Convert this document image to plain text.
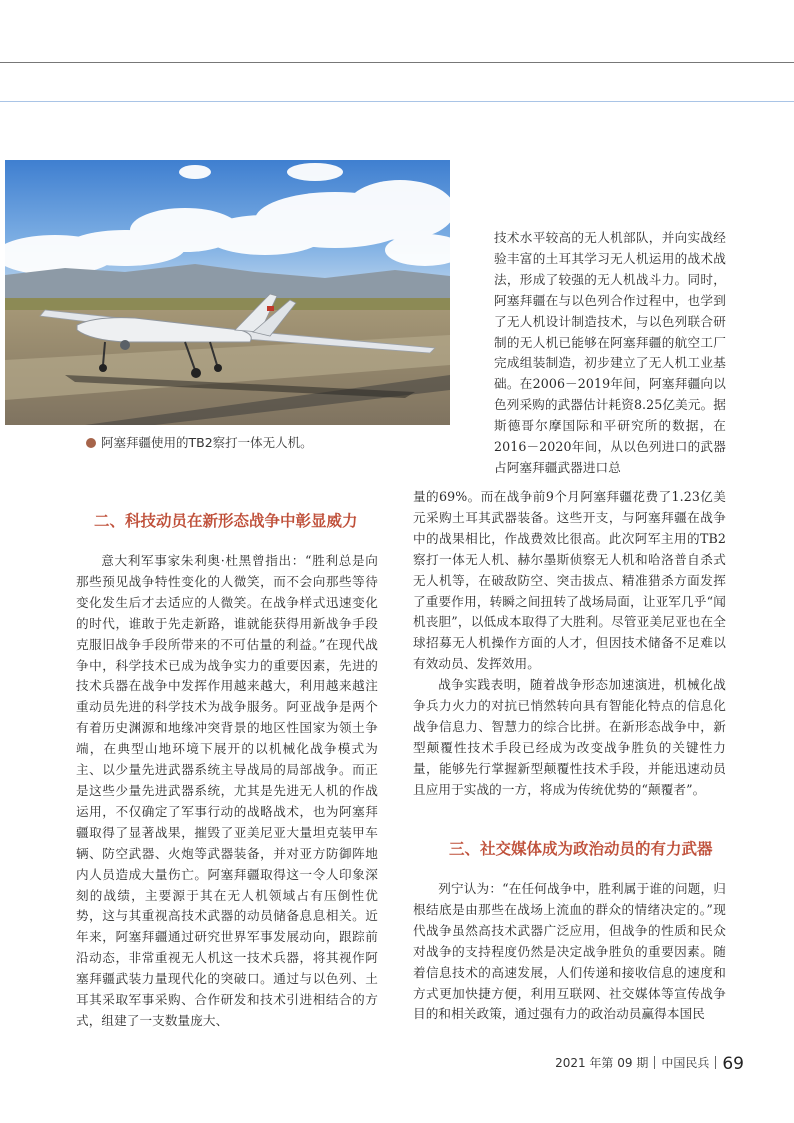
阿塞拜疆使用的TB2察打一体无人机。
二、科技动员在新形态战争中彰显威力

意大利军事家朱利奥·杜黑曾指出：“胜利总是向那些预见战争特性变化的人微笑，而不会向那些等待变化发生后才去适应的人微笑。在战争样式迅速变化的时代，谁敢于先走新路，谁就能获得用新战争手段克服旧战争手段所带来的不可估量的利益。”在现代战争中，科学技术已成为战争实力的重要因素，先进的技术兵器在战争中发挥作用越来越大，利用越来越注重动员先进的科学技术为战争服务。阿亚战争是两个有着历史渊源和地缘冲突背景的地区性国家为领土争端，在典型山地环境下展开的以机械化战争模式为主、以少量先进武器系统主导战局的局部战争。而正是这些少量先进武器系统，尤其是先进无人机的作战运用，不仅确定了军事行动的战略战术，也为阿塞拜疆取得了显著战果，摧毁了亚美尼亚大量坦克装甲车辆、防空武器、火炮等武器装备，并对亚方防御阵地内人员造成大量伤亡。阿塞拜疆取得这一令人印象深刻的战绩，主要源于其在无人机领域占有压倒性优势，这与其重视高技术武器的动员储备息息相关。近年来，阿塞拜疆通过研究世界军事发展动向，跟踪前沿动态，非常重视无人机这一技术兵器，将其视作阿塞拜疆武装力量现代化的突破口。通过与以色列、土耳其采取军事采购、合作研发和技术引进相结合的方式，组建了一支数量庞大、

技术水平较高的无人机部队，并向实战经验丰富的土耳其学习无人机运用的战术战法，形成了较强的无人机战斗力。同时，阿塞拜疆在与以色列合作过程中，也学到了无人机设计制造技术，与以色列联合研制的无人机已能够在阿塞拜疆的航空工厂完成组装制造，初步建立了无人机工业基础。在2006－2019年间，阿塞拜疆向以色列采购的武器估计耗资8.25亿美元。据斯德哥尔摩国际和平研究所的数据，在2016－2020年间，从以色列进口的武器占阿塞拜疆武器进口总

量的69%。而在战争前9个月阿塞拜疆花费了1.23亿美元采购土耳其武器装备。这些开支，与阿塞拜疆在战争中的战果相比，作战费效比很高。此次阿军主用的TB2察打一体无人机、赫尔墨斯侦察无人机和哈洛普自杀式无人机等，在破敌防空、突击拔点、精准猎杀方面发挥了重要作用，转瞬之间扭转了战场局面，让亚军几乎“闻机丧胆”，以低成本取得了大胜利。尽管亚美尼亚也在全球招募无人机操作方面的人才，但因技术储备不足难以有效动员、发挥效用。

战争实践表明，随着战争形态加速演进，机械化战争兵力火力的对抗已悄然转向具有智能化特点的信息化战争信息力、智慧力的综合比拼。在新形态战争中，新型颠覆性技术手段已经成为改变战争胜负的关键性力量，能够先行掌握新型颠覆性技术手段，并能迅速动员且应用于实战的一方，将成为传统优势的“颠覆者”。

三、社交媒体成为政治动员的有力武器

列宁认为：“在任何战争中，胜利属于谁的问题，归根结底是由那些在战场上流血的群众的情绪决定的。”现代战争虽然高技术武器广泛应用，但战争的性质和民众对战争的支持程度仍然是决定战争胜负的重要因素。随着信息技术的高速发展，人们传递和接收信息的速度和方式更加快捷方便，利用互联网、社交媒体等宣传战争目的和相关政策，通过强有力的政治动员赢得本国民

2021 年第 09 期 中国民兵 69
